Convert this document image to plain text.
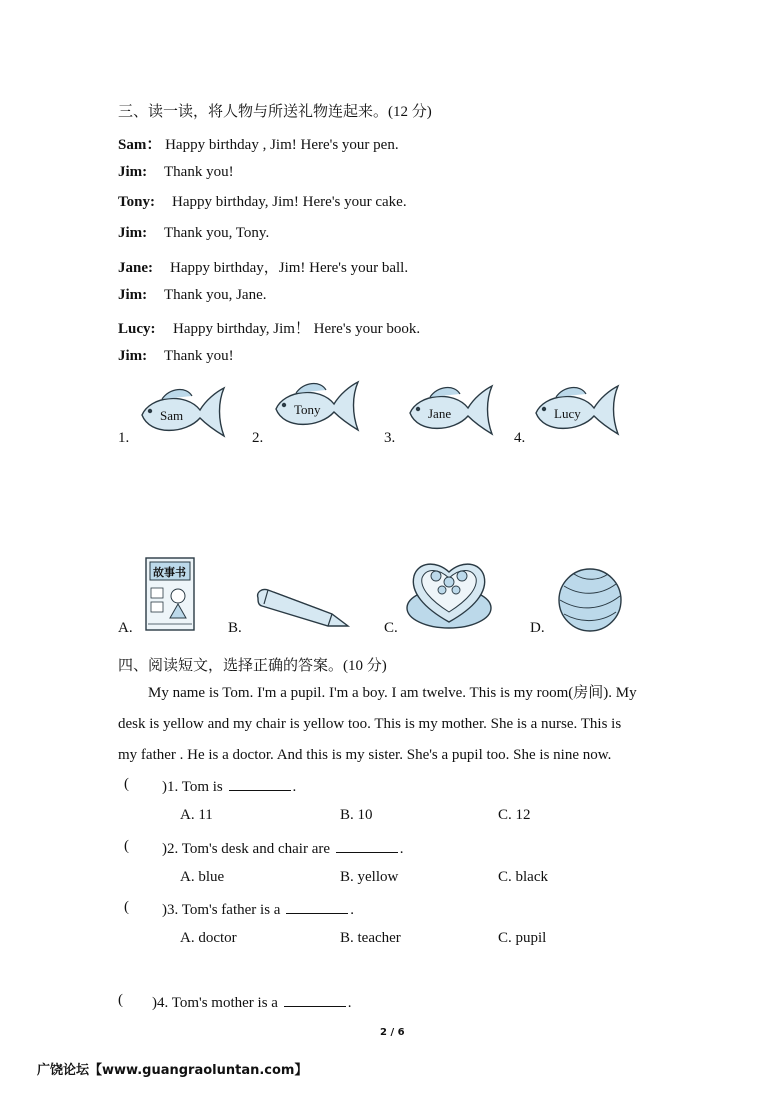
三、读一读，将人物与所送礼物连起来。(12 分)
Sam： Happy birthday , Jim! Here's your pen.
Jim: Thank you!
Tony: Happy birthday, Jim! Here's your cake.
Jim: Thank you, Tony.
Jane: Happy birthday，Jim! Here's your ball.
Jim: Thank you, Jane.
Lucy: Happy birthday, Jim！ Here's your book.
Jim: Thank you!
1.	2.	3.	4.
Sam	Tony	Jane	Lucy
A.	B.	C.	D.
故事书
四、阅读短文，选择正确的答案。(10 分)
My name is Tom. I'm a pupil. I'm a boy. I am twelve. This is my room(房间). My
desk is yellow and my chair is yellow too. This is my mother. She is a nurse. This is
my father . He is a doctor. And this is my sister. She's a pupil too. She is nine now.
( )1. Tom is	.
A. 11	B. 10	C. 12
( )2. Tom's desk and chair are	.
A. blue	B. yellow	C. black
( )3. Tom's father is a	.
A. doctor	B. teacher	C. pupil
( )4. Tom's mother is a	.
2 / 6
广饶论坛【www.guangraoluntan.com】
